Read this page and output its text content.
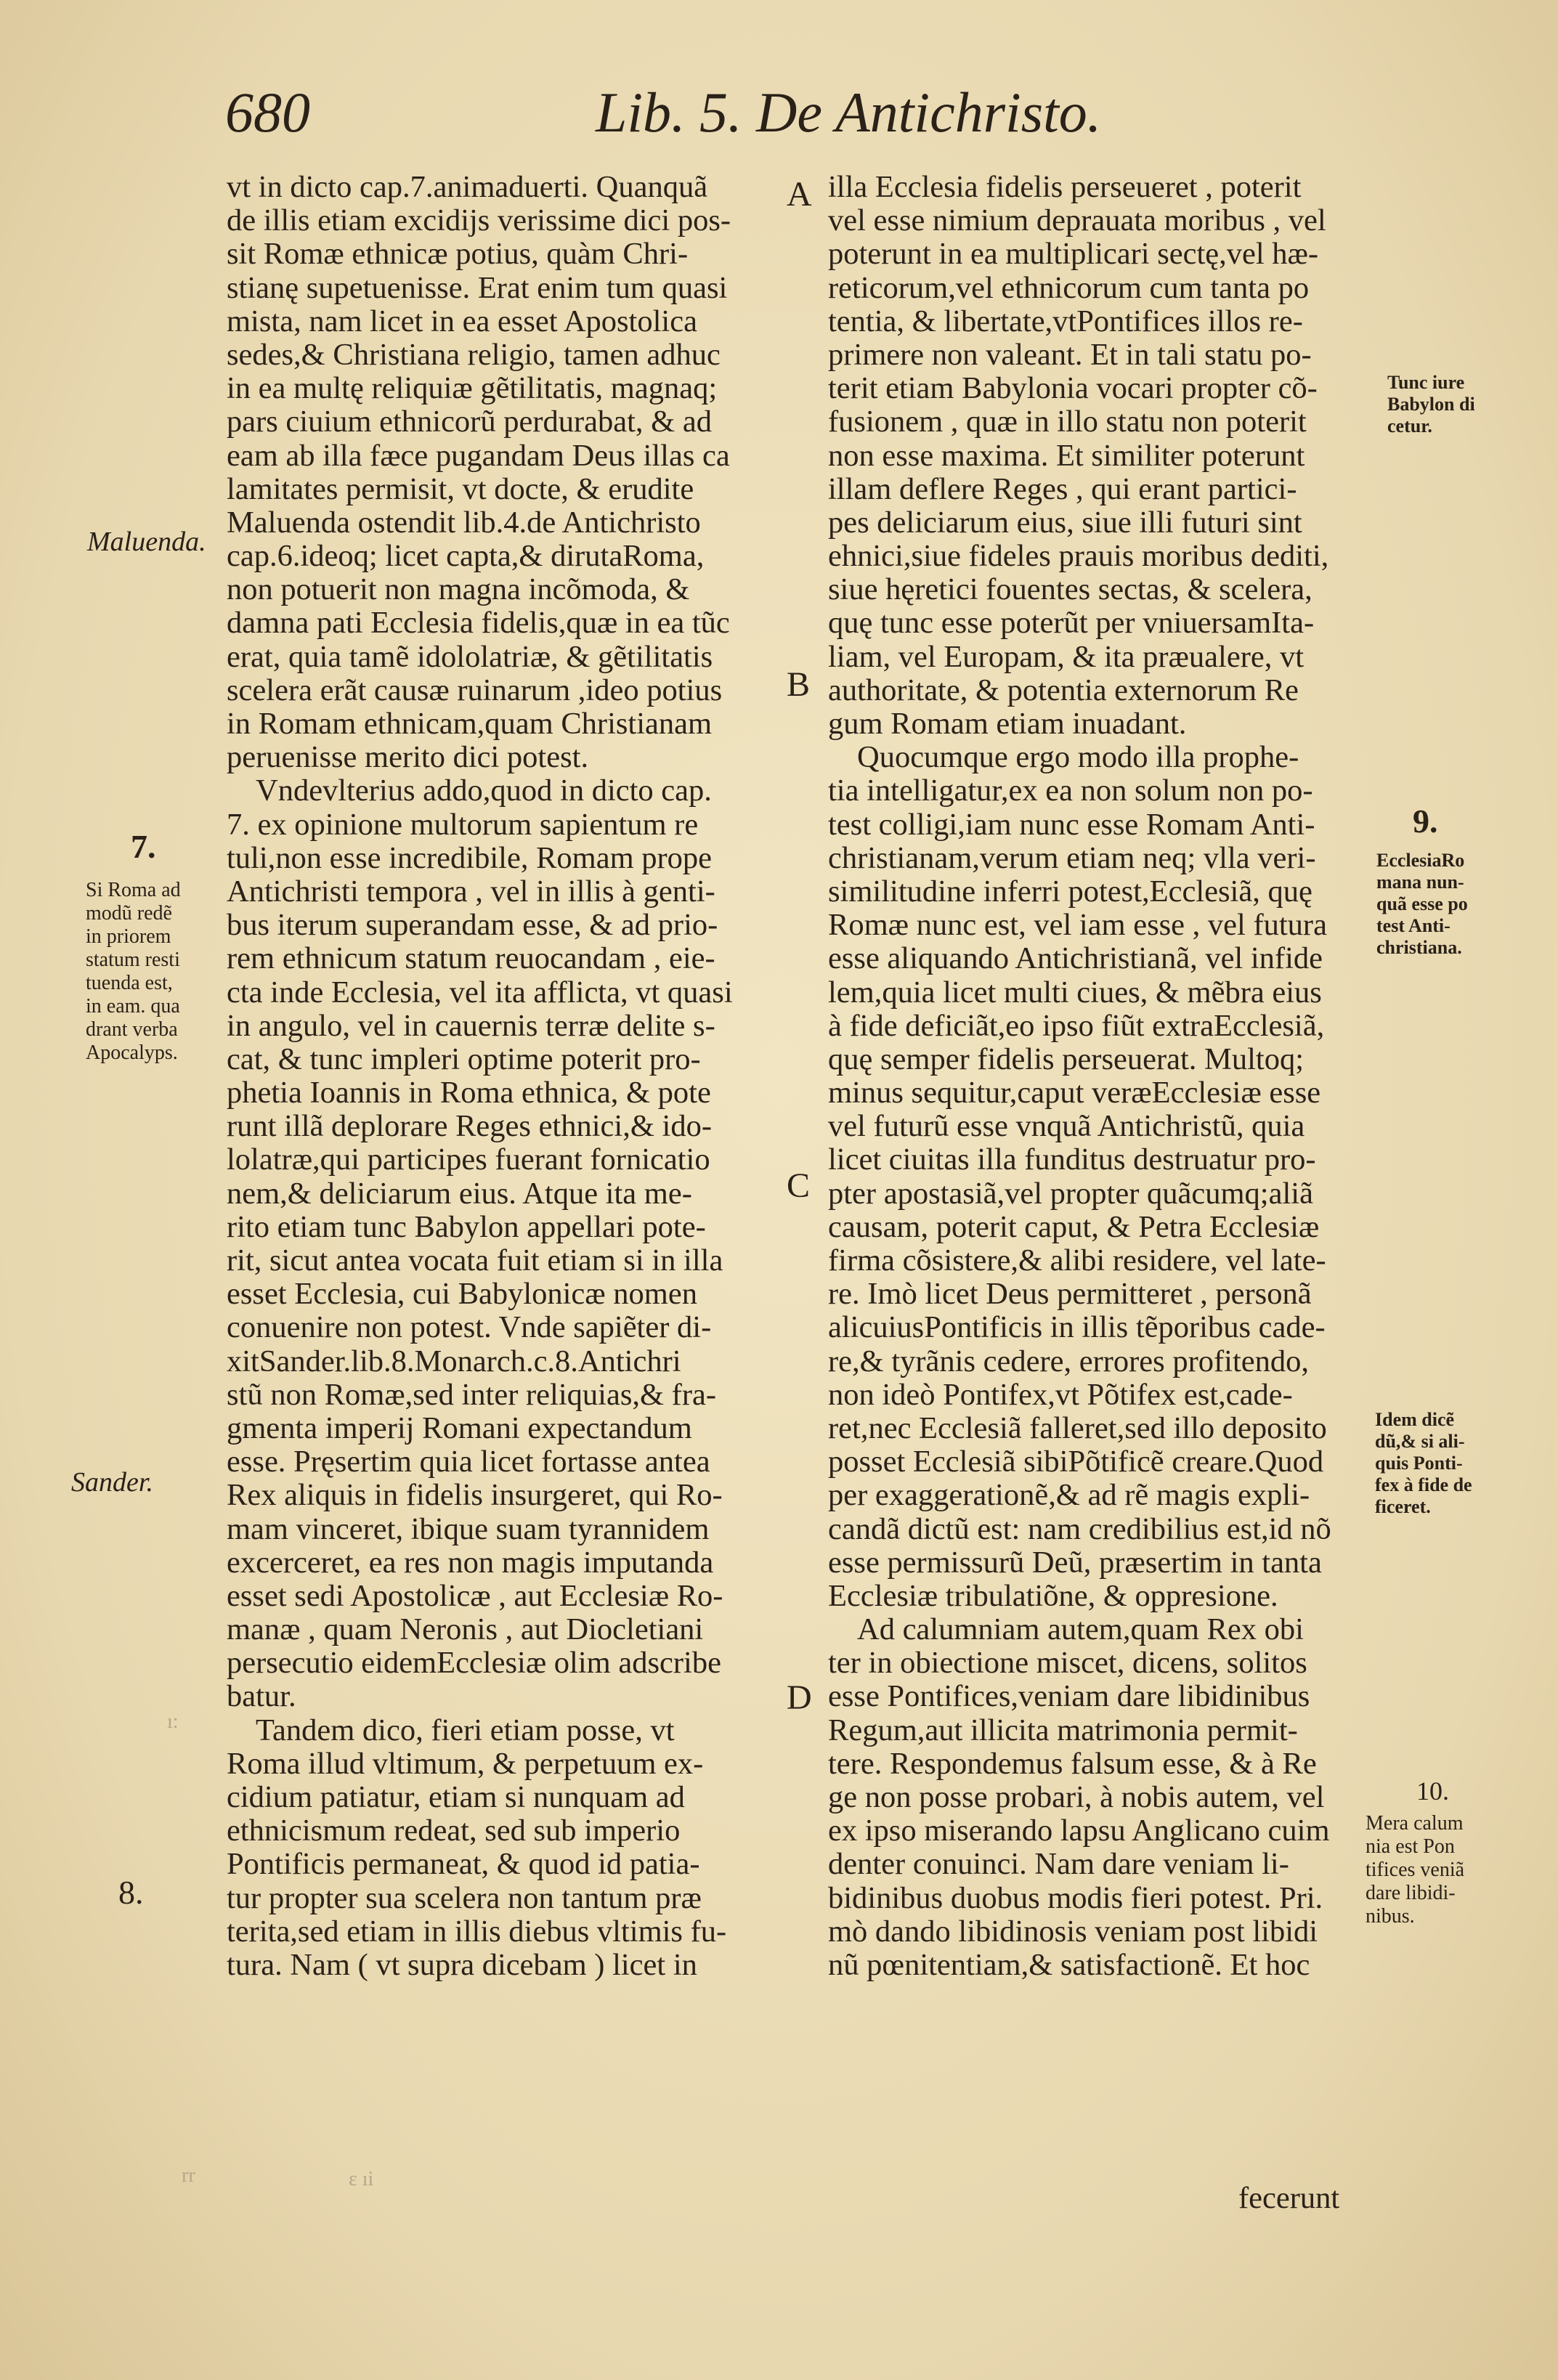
680	Lib. 5. De Antichristo.
vt in dicto cap.7.animaduerti. Quanquã
de illis etiam excidijs verissime dici pos-
sit Romæ ethnicæ potius, quàm Chri-
stianę supetuenisse. Erat enim tum quasi
mista, nam licet in ea esset Apostolica
sedes,& Christiana religio, tamen adhuc
in ea multę reliquiæ gẽtilitatis, magnaq;
pars ciuium ethnicorũ perdurabat, & ad
eam ab illa fæce pugandam Deus illas ca
lamitates permisit, vt docte, & erudite
Maluenda ostendit lib.4.de Antichristo
cap.6.ideoq; licet capta,& dirutaRoma,
non potuerit non magna incõmoda, &
damna pati Ecclesia fidelis,quæ in ea tũc
erat, quia tamẽ idololatriæ, & gẽtilitatis
scelera erãt causæ ruinarum ,ideo potius
in Romam ethnicam,quam Christianam
peruenisse merito dici potest.
Vndevlterius addo,quod in dicto cap.
7. ex opinione multorum sapientum re
tuli,non esse incredibile, Romam prope
Antichristi tempora , vel in illis à genti-
bus iterum superandam esse, & ad prio-
rem ethnicum statum reuocandam , eie-
cta inde Ecclesia, vel ita afflicta, vt quasi
in angulo, vel in cauernis terræ delite s-
cat, & tunc impleri optime poterit pro-
phetia Ioannis in Roma ethnica, & pote
runt illã deplorare Reges ethnici,& ido-
lolatræ,qui participes fuerant fornicatio
nem,& deliciarum eius. Atque ita me-
rito etiam tunc Babylon appellari pote-
rit, sicut antea vocata fuit etiam si in illa
esset Ecclesia, cui Babylonicæ nomen
conuenire non potest. Vnde sapiẽter di-
xitSander.lib.8.Monarch.c.8.Antichri
stũ non Romæ,sed inter reliquias,& fra-
gmenta imperij Romani expectandum
esse. Pręsertim quia licet fortasse antea
Rex aliquis in fidelis insurgeret, qui Ro-
mam vinceret, ibique suam tyrannidem
excerceret, ea res non magis imputanda
esset sedi Apostolicæ , aut Ecclesiæ Ro-
manæ , quam Neronis , aut Diocletiani
persecutio eidemEcclesiæ olim adscribe
batur.
Tandem dico, fieri etiam posse, vt
Roma illud vltimum, & perpetuum ex-
cidium patiatur, etiam si nunquam ad
ethnicismum redeat, sed sub imperio
Pontificis permaneat, & quod id patia-
tur propter sua scelera non tantum præ
terita,sed etiam in illis diebus vltimis fu-
tura. Nam ( vt supra dicebam ) licet in
illa Ecclesia fidelis perseueret , poterit
vel esse nimium deprauata moribus , vel
poterunt in ea multiplicari sectę,vel hæ-
reticorum,vel ethnicorum cum tanta po
tentia, & libertate,vtPontifices illos re-
primere non valeant. Et in tali statu po-
terit etiam Babylonia vocari propter cõ-
fusionem , quæ in illo statu non poterit
non esse maxima. Et similiter poterunt
illam deflere Reges , qui erant partici-
pes deliciarum eius, siue illi futuri sint
ehnici,siue fideles prauis moribus dediti,
siue hęretici fouentes sectas, & scelera,
quę tunc esse poterũt per vniuersamIta-
liam, vel Europam, & ita præualere, vt
authoritate, & potentia externorum Re
gum Romam etiam inuadant.
Quocumque ergo modo illa prophe-
tia intelligatur,ex ea non solum non po-
test colligi,iam nunc esse Romam Anti-
christianam,verum etiam neq; vlla veri-
similitudine inferri potest,Ecclesiã, quę
Romæ nunc est, vel iam esse , vel futura
esse aliquando Antichristianã, vel infide
lem,quia licet multi ciues, & mẽbra eius
à fide deficiãt,eo ipso fiũt extraEcclesiã,
quę semper fidelis perseuerat. Multoq;
minus sequitur,caput veræEcclesiæ esse
vel futurũ esse vnquã Antichristũ, quia
licet ciuitas illa funditus destruatur pro-
pter apostasiã,vel propter quãcumq;aliã
causam, poterit caput, & Petra Ecclesiæ
firma cõsistere,& alibi residere, vel late-
re. Imò licet Deus permitteret , personã
alicuiusPontificis in illis tẽporibus cade-
re,& tyrãnis cedere, errores profitendo,
non ideò Pontifex,vt Põtifex est,cade-
ret,nec Ecclesiã falleret,sed illo deposito
posset Ecclesiã sibiPõtificẽ creare.Quod
per exaggerationẽ,& ad rẽ magis expli-
candã dictũ est: nam credibilius est,id nõ
esse permissurũ Deũ, præsertim in tanta
Ecclesiæ tribulatiõne, & oppresione.
Ad calumniam autem,quam Rex obi
ter in obiectione miscet, dicens, solitos
esse Pontifices,veniam dare libidinibus
Regum,aut illicita matrimonia permit-
tere. Respondemus falsum esse, & à Re
ge non posse probari, à nobis autem, vel
ex ipso miserando lapsu Anglicano cuim
denter conuinci. Nam dare veniam li-
bidinibus duobus modis fieri potest. Pri.
mò dando libidinosis veniam post libidi
nũ pœnitentiam,& satisfactionẽ. Et hoc
A
B
C
D
Maluenda.
7.
Si Roma ad
modũ redẽ
in priorem
statum resti
tuenda est,
in eam. qua
drant verba
Apocalyps.
Sander.
8.
Tunc iure
Babylon di
cetur.
9.
EcclesiaRo
mana nun-
quã esse po
test Anti-
christiana.
Idem dicẽ
dũ,& si ali-
quis Ponti-
fex à fide de
ficeret.
10.
Mera calum
nia est Pon
tifices veniã
dare libidi-
nibus.
fecerunt
rr	ɛ ıi
ı:
